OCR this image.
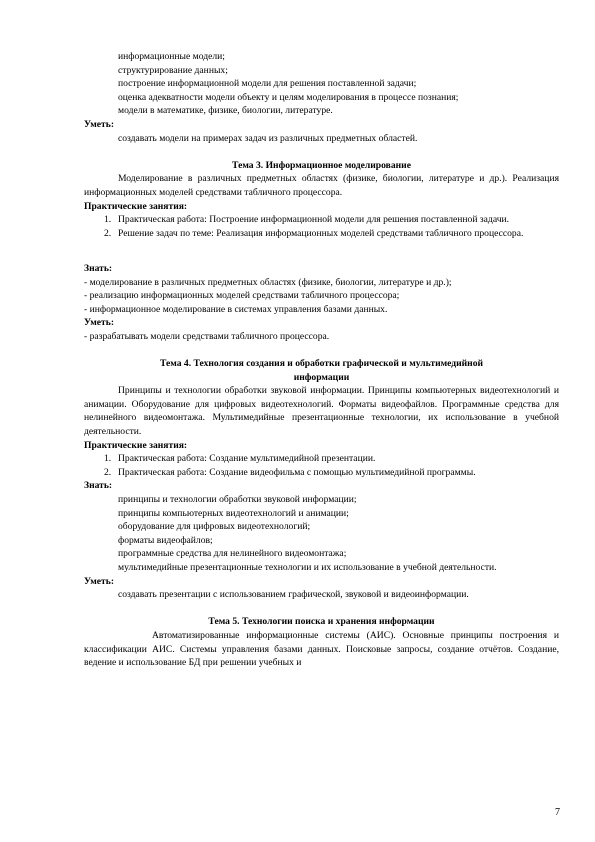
информационные модели;
структурирование данных;
построение информационной модели для решения поставленной задачи;
оценка адекватности модели объекту и целям моделирования в процессе познания;
модели в математике, физике, биологии, литературе.
Уметь:
создавать модели на примерах задач из различных предметных областей.
Тема 3. Информационное моделирование
Моделирование в различных предметных областях (физике, биологии, литературе и др.). Реализация информационных моделей средствами табличного процессора.
Практические занятия:
1. Практическая работа: Построение информационной модели для решения поставленной задачи.
2. Решение задач по теме: Реализация информационных моделей средствами табличного процессора.
Знать:
- моделирование в различных предметных областях (физике, биологии, литературе и др.);
- реализацию информационных моделей средствами табличного процессора;
- информационное моделирование в системах управления базами данных.
Уметь:
- разрабатывать модели средствами табличного процессора.
Тема 4. Технология создания и обработки графической и мультимедийной
информации
Принципы и технологии обработки звуковой информации. Принципы компьютерных видеотехнологий и анимации. Оборудование для цифровых видеотехнологий. Форматы видеофайлов. Программные средства для нелинейного видеомонтажа. Мультимедийные презентационные технологии, их использование в учебной деятельности.
Практические занятия:
1. Практическая работа: Создание мультимедийной презентации.
2. Практическая работа: Создание видеофильма с помощью мультимедийной программы.
Знать:
принципы и технологии обработки звуковой информации;
принципы компьютерных видеотехнологий и анимации;
оборудование для цифровых видеотехнологий;
форматы видеофайлов;
программные средства для нелинейного видеомонтажа;
мультимедийные презентационные технологии и их использование в учебной деятельности.
Уметь:
создавать презентации с использованием графической, звуковой и видеоинформации.
Тема 5. Технологии поиска и хранения информации
Автоматизированные информационные системы (АИС). Основные принципы построения и классификации АИС. Системы управления базами данных. Поисковые запросы, создание отчётов. Создание, ведение и использование БД при решении учебных и
7
